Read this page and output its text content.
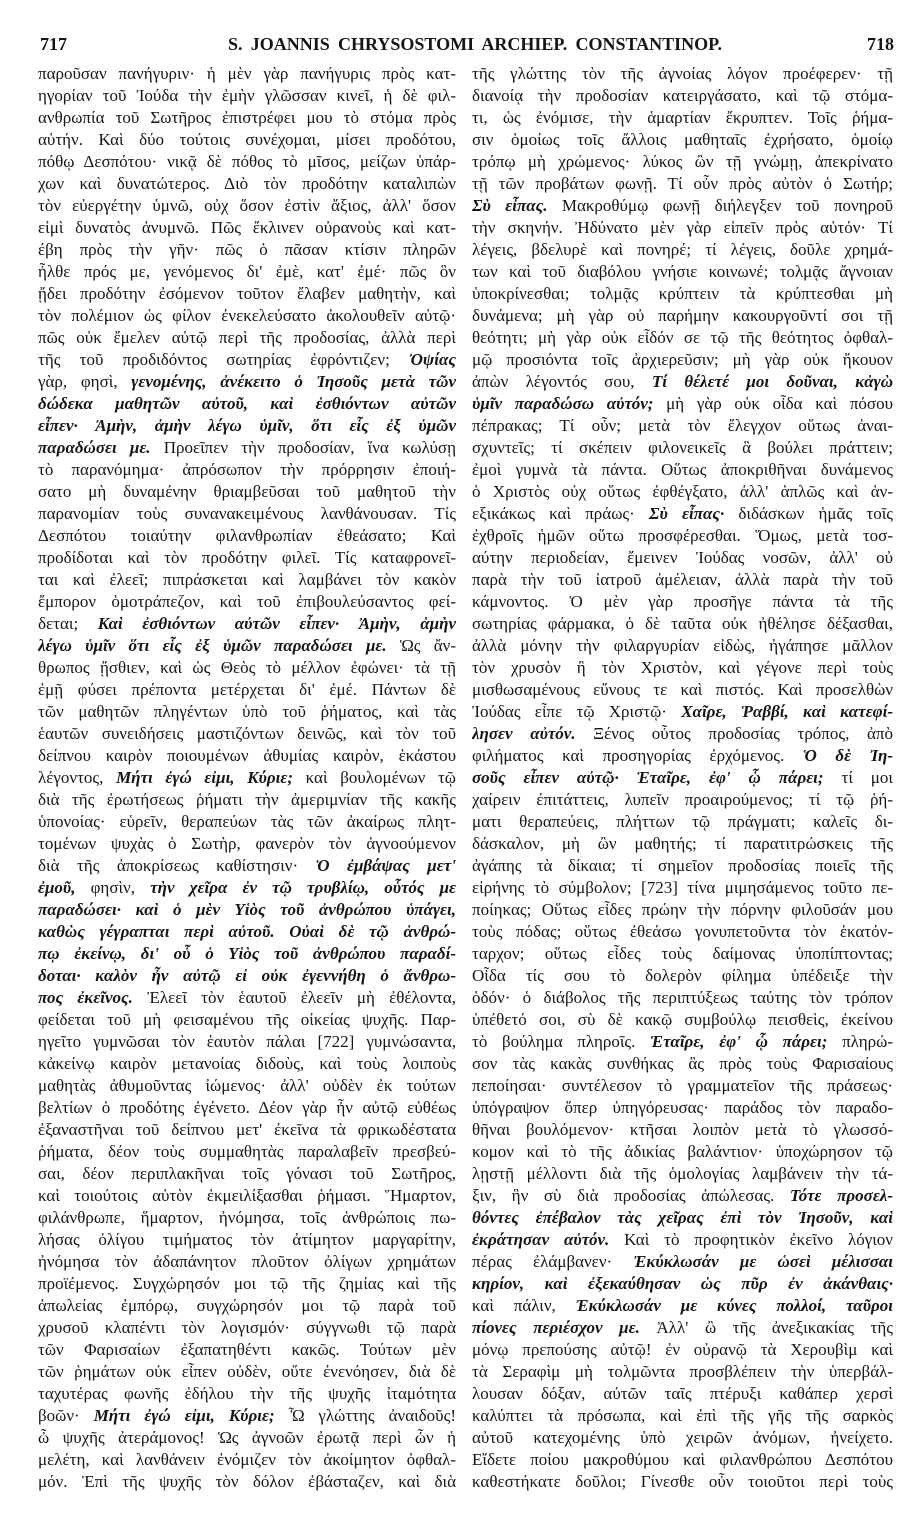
717	S. JOANNIS CHRYSOSTOMI ARCHIEP. CONSTANTINOP.	718
παροῦσαν πανήγυριν· ἡ μὲν γὰρ πανήγυρις πρὸς κατ-
ηγορίαν τοῦ Ἰούδα τὴν ἐμὴν γλῶσσαν κινεῖ, ἡ δὲ φιλ-
ανθρωπία τοῦ Σωτῆρος ἐπιστρέφει μου τὸ στόμα πρὸς
αὐτήν. Καὶ δύο τούτοις συνέχομαι, μίσει προδότου,
πόθῳ Δεσπότου· νικᾷ δὲ πόθος τὸ μῖσος, μείζων ὑπάρ-
χων καὶ δυνατώτερος. Διὸ τὸν προδότην καταλιπὼν
τὸν εὐεργέτην ὑμνῶ, οὐχ ὅσον ἐστὶν ἄξιος, ἀλλ' ὅσον
εἰμὶ δυνατὸς ἀνυμνῶ. Πῶς ἔκλινεν οὐρανοὺς καὶ κατ-
έβη πρὸς τὴν γῆν· πῶς ὁ πᾶσαν κτίσιν πληρῶν
ἦλθε πρός με, γενόμενος δι' ἐμὲ, κατ' ἐμέ· πῶς ὃν
ᾔδει προδότην ἐσόμενον τοῦτον ἔλαβεν μαθητὴν, καὶ
τὸν πολέμιον ὡς φίλον ἐνεκελεύσατο ἀκολουθεῖν αὐτῷ·
πῶς οὐκ ἔμελεν αὐτῷ περὶ τῆς προδοσίας, ἀλλὰ περὶ
τῆς τοῦ προδιδόντος σωτηρίας ἐφρόντιζεν; Ὀψίας
γὰρ, φησὶ, γενομένης, ἀνέκειτο ὁ Ἰησοῦς μετὰ τῶν
δώδεκα μαθητῶν αὐτοῦ, καὶ ἐσθιόντων αὐτῶν
εἶπεν· Ἀμὴν, ἀμὴν λέγω ὑμῖν, ὅτι εἷς ἐξ ὑμῶν
παραδώσει με. Προεῖπεν τὴν προδοσίαν, ἵνα κωλύσῃ
τὸ παρανόμημα· ἀπρόσωπον τὴν πρόρρησιν ἐποιή-
σατο μὴ δυναμένην θριαμβεῦσαι τοῦ μαθητοῦ τὴν
παρανομίαν τοὺς συνανακειμένους λανθάνουσαν. Τίς
Δεσπότου τοιαύτην φιλανθρωπίαν ἐθεάσατο; Καὶ
προδίδοται καὶ τὸν προδότην φιλεῖ. Τίς καταφρονεῖ-
ται καὶ ἐλεεῖ; πιπράσκεται καὶ λαμβάνει τὸν κακὸν
ἔμπορον ὁμοτράπεζον, καὶ τοῦ ἐπιβουλεύσαντος φεί-
δεται; Καὶ ἐσθιόντων αὐτῶν εἶπεν· Ἀμὴν, ἀμὴν
λέγω ὑμῖν ὅτι εἷς ἐξ ὑμῶν παραδώσει με. Ὡς ἄν-
θρωπος ᾔσθιεν, καὶ ὡς Θεὸς τὸ μέλλον ἐφώνει· τὰ τῇ
ἐμῇ φύσει πρέποντα μετέρχεται δι' ἐμέ. Πάντων δὲ
τῶν μαθητῶν πληγέντων ὑπὸ τοῦ ῥήματος, καὶ τὰς
ἑαυτῶν συνειδήσεις μαστιζόντων δεινῶς, καὶ τὸν τοῦ
δείπνου καιρὸν ποιουμένων ἀθυμίας καιρὸν, ἑκάστου
λέγοντος, Μήτι ἐγώ εἰμι, Κύριε; καὶ βουλομένων τῷ
διὰ τῆς ἐρωτήσεως ῥήματι τὴν ἀμεριμνίαν τῆς κακῆς
ὑπονοίας· εὑρεῖν, θεραπεύων τὰς τῶν ἀκαίρως πλητ-
τομένων ψυχὰς ὁ Σωτὴρ, φανερὸν τὸν ἀγνοούμενον
διὰ τῆς ἀποκρίσεως καθίστησιν· Ὁ ἐμβάψας μετ'
ἐμοῦ, φησὶν, τὴν χεῖρα ἐν τῷ τρυβλίῳ, οὗτός με
παραδώσει· καὶ ὁ μὲν Υἱὸς τοῦ ἀνθρώπου ὑπάγει,
καθὼς γέγραπται περὶ αὐτοῦ. Οὐαὶ δὲ τῷ ἀνθρώ-
πῳ ἐκείνῳ, δι' οὗ ὁ Υἱὸς τοῦ ἀνθρώπου παραδί-
δοται· καλὸν ἦν αὐτῷ εἰ οὐκ ἐγεννήθη ὁ ἄνθρω-
πος ἐκεῖνος. Ἐλεεῖ τὸν ἑαυτοῦ ἐλεεῖν μὴ ἐθέλοντα,
φείδεται τοῦ μὴ φεισαμένου τῆς οἰκείας ψυχῆς. Παρ-
ηγεῖτο γυμνῶσαι τὸν ἑαυτὸν πάλαι [722] γυμνώσαντα,
κἀκείνῳ καιρὸν μετανοίας διδοὺς, καὶ τοὺς λοιποὺς
μαθητὰς ἀθυμοῦντας ἰώμενος· ἀλλ' οὐδὲν ἐκ τούτων
βελτίων ὁ προδότης ἐγένετο. Δέον γὰρ ἦν αὐτῷ εὐθέως
ἐξαναστῆναι τοῦ δείπνου μετ' ἐκεῖνα τὰ φρικωδέστατα
ῥήματα, δέον τοὺς συμμαθητὰς παραλαβεῖν πρεσβεύ-
σαι, δέον περιπλακῆναι τοῖς γόνασι τοῦ Σωτῆρος,
καὶ τοιούτοις αὐτὸν ἐκμειλίξασθαι ῥήμασι. Ἥμαρτον,
φιλάνθρωπε, ἥμαρτον, ἠνόμησα, τοῖς ἀνθρώποις πω-
λήσας ὀλίγου τιμήματος τὸν ἀτίμητον μαργαρίτην,
ἠνόμησα τὸν ἀδαπάνητον πλοῦτον ὀλίγων χρημάτων
προϊέμενος. Συγχώρησόν μοι τῷ τῆς ζημίας καὶ τῆς
ἀπωλείας ἐμπόρῳ, συγχώρησόν μοι τῷ παρὰ τοῦ
χρυσοῦ κλαπέντι τὸν λογισμόν· σύγγνωθι τῷ παρὰ
τῶν Φαρισαίων ἐξαπατηθέντι κακῶς. Τούτων μὲν
τῶν ῥημάτων οὐκ εἶπεν οὐδὲν, οὔτε ἐνενόησεν, διὰ δὲ
ταχυτέρας φωνῆς ἐδήλου τὴν τῆς ψυχῆς ἰταμότητα
βοῶν· Μήτι ἐγώ εἰμι, Κύριε; Ὦ γλώττης ἀναιδοῦς!
ὦ ψυχῆς ἀτεράμονος! Ὡς ἀγνοῶν ἐρωτᾷ περὶ ὧν ἡ
μελέτη, καὶ λανθάνειν ἐνόμιζεν τὸν ἀκοίμητον ὀφθαλ-
μόν. Ἐπὶ τῆς ψυχῆς τὸν δόλον ἐβάσταζεν, καὶ διὰ
τῆς γλώττης τὸν τῆς ἀγνοίας λόγον προέφερεν· τῇ
διανοίᾳ τὴν προδοσίαν κατειργάσατο, καὶ τῷ στόμα-
τι, ὡς ἐνόμισε, τὴν ἁμαρτίαν ἔκρυπτεν. Τοῖς ῥήμα-
σιν ὁμοίως τοῖς ἄλλοις μαθηταῖς ἐχρήσατο, ὁμοίῳ
τρόπῳ μὴ χρώμενος· λύκος ὢν τῇ γνώμῃ, ἀπεκρίνατο
τῇ τῶν προβάτων φωνῇ. Τί οὖν πρὸς αὐτὸν ὁ Σωτήρ;
Σὺ εἶπας. Μακροθύμῳ φωνῇ διήλεγξεν τοῦ πονηροῦ
τὴν σκηνήν. Ἠδύνατο μὲν γὰρ εἰπεῖν πρὸς αὐτόν· Τί
λέγεις, βδελυρὲ καὶ πονηρέ; τί λέγεις, δοῦλε χρημά-
των καὶ τοῦ διαβόλου γνήσιε κοινωνέ; τολμᾷς ἄγνοιαν
ὑποκρίνεσθαι; τολμᾷς κρύπτειν τὰ κρύπτεσθαι μὴ
δυνάμενα; μὴ γὰρ οὐ παρήμην κακουργοῦντί σοι τῇ
θεότητι; μὴ γὰρ οὐκ εἶδόν σε τῷ τῆς θεότητος ὀφθαλ-
μῷ προσιόντα τοῖς ἀρχιερεῦσιν; μὴ γὰρ οὐκ ἤκουον
ἀπὼν λέγοντός σου, Τί θέλετέ μοι δοῦναι, κἀγὼ
ὑμῖν παραδώσω αὐτόν; μὴ γὰρ οὐκ οἶδα καὶ πόσου
πέπρακας; Τί οὖν; μετὰ τὸν ἔλεγχον οὕτως ἀναι-
σχυντεῖς; τί σκέπειν φιλονεικεῖς ἃ βούλει πράττειν;
ἐμοὶ γυμνὰ τὰ πάντα. Οὕτως ἀποκριθῆναι δυνάμενος
ὁ Χριστὸς οὐχ οὕτως ἐφθέγξατο, ἀλλ' ἁπλῶς καὶ ἀν-
εξικάκως καὶ πράως· Σὺ εἶπας· διδάσκων ἡμᾶς τοῖς
ἐχθροῖς ἡμῶν οὕτω προσφέρεσθαι. Ὅμως, μετὰ τοσ-
αύτην περιοδείαν, ἔμεινεν Ἰούδας νοσῶν, ἀλλ' οὐ
παρὰ τὴν τοῦ ἰατροῦ ἀμέλειαν, ἀλλὰ παρὰ τὴν τοῦ
κάμνοντος. Ὁ μὲν γὰρ προσῆγε πάντα τὰ τῆς
σωτηρίας φάρμακα, ὁ δὲ ταῦτα οὐκ ἠθέλησε δέξασθαι,
ἀλλὰ μόνην τὴν φιλαργυρίαν εἰδὼς, ἠγάπησε μᾶλλον
τὸν χρυσὸν ἢ τὸν Χριστὸν, καὶ γέγονε περὶ τοὺς
μισθωσαμένους εὔνους τε καὶ πιστός. Καὶ προσελθὼν
Ἰούδας εἶπε τῷ Χριστῷ· Χαῖρε, Ῥαββί, καὶ κατεφί-
λησεν αὐτόν. Ξένος οὗτος προδοσίας τρόπος, ἀπὸ
φιλήματος καὶ προσηγορίας ἐρχόμενος. Ὁ δὲ Ἰη-
σοῦς εἶπεν αὐτῷ· Ἑταῖρε, ἐφ' ᾧ πάρει; τί μοι
χαίρειν ἐπιτάττεις, λυπεῖν προαιρούμενος; τί τῷ ῥή-
ματι θεραπεύεις, πλήττων τῷ πράγματι; καλεῖς δι-
δάσκαλον, μὴ ὢν μαθητής; τί παρατιτρώσκεις τῆς
ἀγάπης τὰ δίκαια; τί σημεῖον προδοσίας ποιεῖς τῆς
εἰρήνης τὸ σύμβολον; [723] τίνα μιμησάμενος τοῦτο πε-
ποίηκας; Οὕτως εἶδες πρώην τὴν πόρνην φιλοῦσάν μου
τοὺς πόδας; οὕτως ἐθεάσω γονυπετοῦντα τὸν ἑκατόν-
ταρχον; οὕτως εἶδες τοὺς δαίμονας ὑποπίπτοντας;
Οἶδα τίς σου τὸ δολερὸν φίλημα ὑπέδειξε τὴν
ὁδόν· ὁ διάβολος τῆς περιπτύξεως ταύτης τὸν τρόπον
ὑπέθετό σοι, σὺ δὲ κακῷ συμβούλῳ πεισθεὶς, ἐκείνου
τὸ βούλημα πληροῖς. Ἑταῖρε, ἐφ' ᾧ πάρει; πληρώ-
σον τὰς κακὰς συνθήκας ἃς πρὸς τοὺς Φαρισαίους
πεποίησαι· συντέλεσον τὸ γραμματεῖον τῆς πράσεως·
ὑπόγραψον ὅπερ ὑπηγόρευσας· παράδος τὸν παραδο-
θῆναι βουλόμενον· κτῆσαι λοιπὸν μετὰ τὸ γλωσσό-
κομον καὶ τὸ τῆς ἀδικίας βαλάντιον· ὑποχώρησον τῷ
λῃστῇ μέλλοντι διὰ τῆς ὁμολογίας λαμβάνειν τὴν τά-
ξιν, ἣν σὺ διὰ προδοσίας ἀπώλεσας. Τότε προσελ-
θόντες ἐπέβαλον τὰς χεῖρας ἐπὶ τὸν Ἰησοῦν, καὶ
ἐκράτησαν αὐτόν. Καὶ τὸ προφητικὸν ἐκεῖνο λόγιον
πέρας ἐλάμβανεν· Ἐκύκλωσάν με ὡσεὶ μέλισσαι
κηρίον, καὶ ἐξεκαύθησαν ὡς πῦρ ἐν ἀκάνθαις·
καὶ πάλιν, Ἐκύκλωσάν με κύνες πολλοί, ταῦροι
πίονες περιέσχον με. Ἀλλ' ὢ τῆς ἀνεξικακίας τῆς
μόνῳ πρεπούσης αὐτῷ! ἐν οὐρανῷ τὰ Χερουβὶμ καὶ
τὰ Σεραφὶμ μὴ τολμῶντα προσβλέπειν τὴν ὑπερβάλ-
λουσαν δόξαν, αὐτῶν ταῖς πτέρυξι καθάπερ χερσὶ
καλύπτει τὰ πρόσωπα, καὶ ἐπὶ τῆς γῆς τῆς σαρκὸς
αὐτοῦ κατεχομένης ὑπὸ χειρῶν ἀνόμων, ἠνείχετο.
Εἴδετε ποίου μακροθύμου καὶ φιλανθρώπου Δεσπότου
καθεστήκατε δοῦλοι; Γίνεσθε οὖν τοιοῦτοι περὶ τοὺς
